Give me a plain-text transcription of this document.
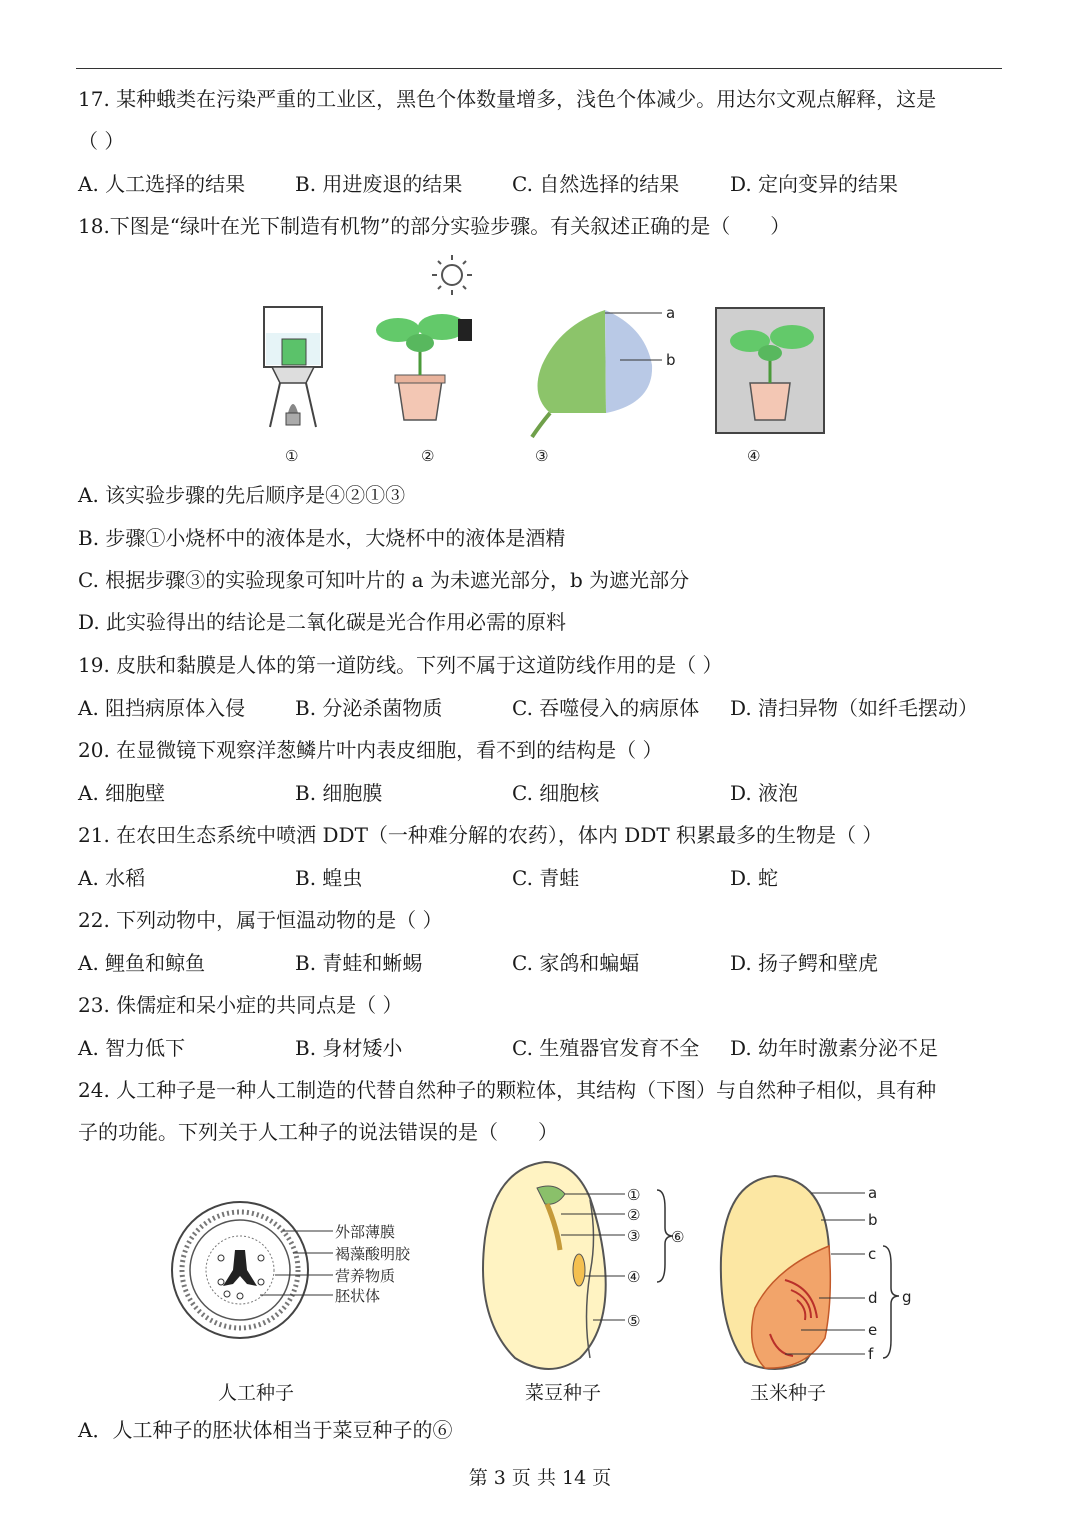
17. 某种蛾类在污染严重的工业区，黑色个体数量增多，浅色个体减少。用达尔文观点解释，这是
（ ）
A. 人工选择的结果 B. 用进废退的结果 C. 自然选择的结果	D. 定向变异的结果
18.下图是“绿叶在光下制造有机物”的部分实验步骤。有关叙述正确的是（　　）
a
b
①	②	③	④
A. 该实验步骤的先后顺序是④②①③
B. 步骤①小烧杯中的液体是水，大烧杯中的液体是酒精
C. 根据步骤③的实验现象可知叶片的 a 为未遮光部分，b 为遮光部分
D. 此实验得出的结论是二氧化碳是光合作用必需的原料
19. 皮肤和黏膜是人体的第一道防线。下列不属于这道防线作用的是（ ）
A. 阻挡病原体入侵 B. 分泌杀菌物质	C. 吞噬侵入的病原体 D. 清扫异物（如纤毛摆动）
20. 在显微镜下观察洋葱鳞片叶内表皮细胞，看不到的结构是（ ）
A. 细胞壁	B. 细胞膜	C. 细胞核	D. 液泡
21. 在农田生态系统中喷洒 DDT（一种难分解的农药），体内 DDT 积累最多的生物是（ ）
A. 水稻	B. 蝗虫	C. 青蛙	D. 蛇
22. 下列动物中，属于恒温动物的是（ ）
A. 鲤鱼和鲸鱼	B. 青蛙和蜥蜴	C. 家鸽和蝙蝠	D. 扬子鳄和壁虎
23. 侏儒症和呆小症的共同点是（ ）
A. 智力低下	B. 身材矮小	C. 生殖器官发育不全 D. 幼年时激素分泌不足
24. 人工种子是一种人工制造的代替自然种子的颗粒体，其结构（下图）与自然种子相似，具有种
子的功能。下列关于人工种子的说法错误的是（　　）
外部薄膜
褐藻酸明胶
营养物质
胚状体
①
②
③
④
⑤
⑥
a
b
c
d
e
f
g
人工种子	菜豆种子	玉米种子
A．人工种子的胚状体相当于菜豆种子的⑥
第 3 页 共 14 页
